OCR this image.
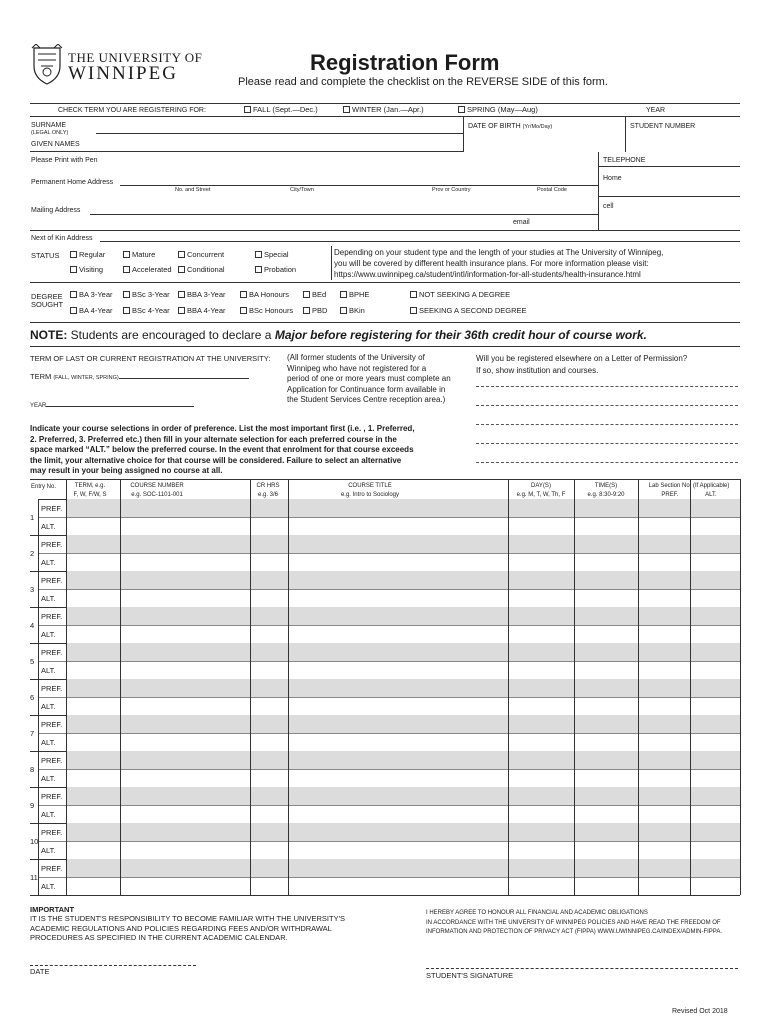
THE UNIVERSITY OF
WINNIPEG	Registration Form
Please read and complete the checklist on the REVERSE SIDE of this form.
CHECK TERM YOU ARE REGISTERING FOR:	FALL (Sept.—Dec.)	WINTER (Jan.—Apr.)	SPRING (May—Aug)	YEAR
SURNAME
(LEGAL ONLY)
GIVEN NAMES
DATE OF BIRTH (Yr/Mo/Day)	STUDENT NUMBER
Please Print with Pen	TELEPHONE
Home
cell
Permanent Home Address
No. and Street	City/Town	Prov or Country	Postal Code
Mailing Address
email
Next of Kin Address
STATUS	Regular	Mature	Concurrent	Special
Visiting	Accelerated	Conditional	Probation
Depending on your student type and the length of your studies at The University of Winnipeg,
you will be covered by different health insurance plans. For more information please visit:
https://www.uwinnipeg.ca/student/intl/information-for-all-students/health-insurance.html
DEGREE
SOUGHT
BA 3-Year	BSc 3-Year	BBA 3-Year	BA Honours	BEd	BPHE	NOT SEEKING A DEGREE
BA 4-Year	BSc 4-Year	BBA 4-Year	BSc Honours	PBD	BKin	SEEKING A SECOND DEGREE
NOTE: Students are encouraged to declare a Major before registering for their 36th credit hour of course work.
TERM OF LAST OR CURRENT REGISTRATION AT THE UNIVERSITY:
TERM (FALL, WINTER, SPRING)
YEAR
(All former students of the University of
Winnipeg who have not registered for a
period of one or more years must complete an
Application for Continuance form available in
the Student Services Centre reception area.)
Will you be registered elsewhere on a Letter of Permission?
If so, show institution and courses.
Indicate your course selections in order of preference. List the most important first (i.e. , 1. Preferred,
2. Preferred, 3. Preferred etc.) then fill in your alternate selection for each preferred course in the
space marked “ALT.” below the preferred course. In the event that enrolment for that course exceeds
the limit, your alternative choice for that course will be considered. Failure to select an alternative
may result in your being assigned no course at all.
Entry No.	TERM, e.g.
F, W, F/W, S
COURSE NUMBER
e.g. SOC-1101-001
CR HRS
e.g. 3/6
COURSE TITLE
e.g. Intro to Sociology
DAY(S)
e.g. M, T, W, Th, F
TIME(S)
e.g. 8:30-9:20
Lab Section No. (If Applicable)
PREF.	ALT.
PREF.
ALT.
1
PREF.
ALT.
2
PREF.
ALT.
3
PREF.
ALT.
4
PREF.
ALT.
5
PREF.
ALT.
6
PREF.
ALT.
7
PREF.
ALT.
8
PREF.
ALT.
9
PREF.
ALT.
10
PREF.
ALT.
11
IMPORTANT
IT IS THE STUDENT'S RESPONSIBILITY TO BECOME FAMILIAR WITH THE UNIVERSITY'S
ACADEMIC REGULATIONS AND POLICIES REGARDING FEES AND/OR WITHDRAWAL
PROCEDURES AS SPECIFIED IN THE CURRENT ACADEMIC CALENDAR.
I HEREBY AGREE TO HONOUR ALL FINANCIAL AND ACADEMIC OBLIGATIONS
IN ACCORDANCE WITH THE UNIVERSITY OF WINNIPEG POLICIES AND HAVE READ THE FREEDOM OF
INFORMATION AND PROTECTION OF PRIVACY ACT (FIPPA) WWW.UWINNIPEG.CA/INDEX/ADMIN-FIPPA.
DATE	STUDENT'S SIGNATURE
Revised Oct 2018
